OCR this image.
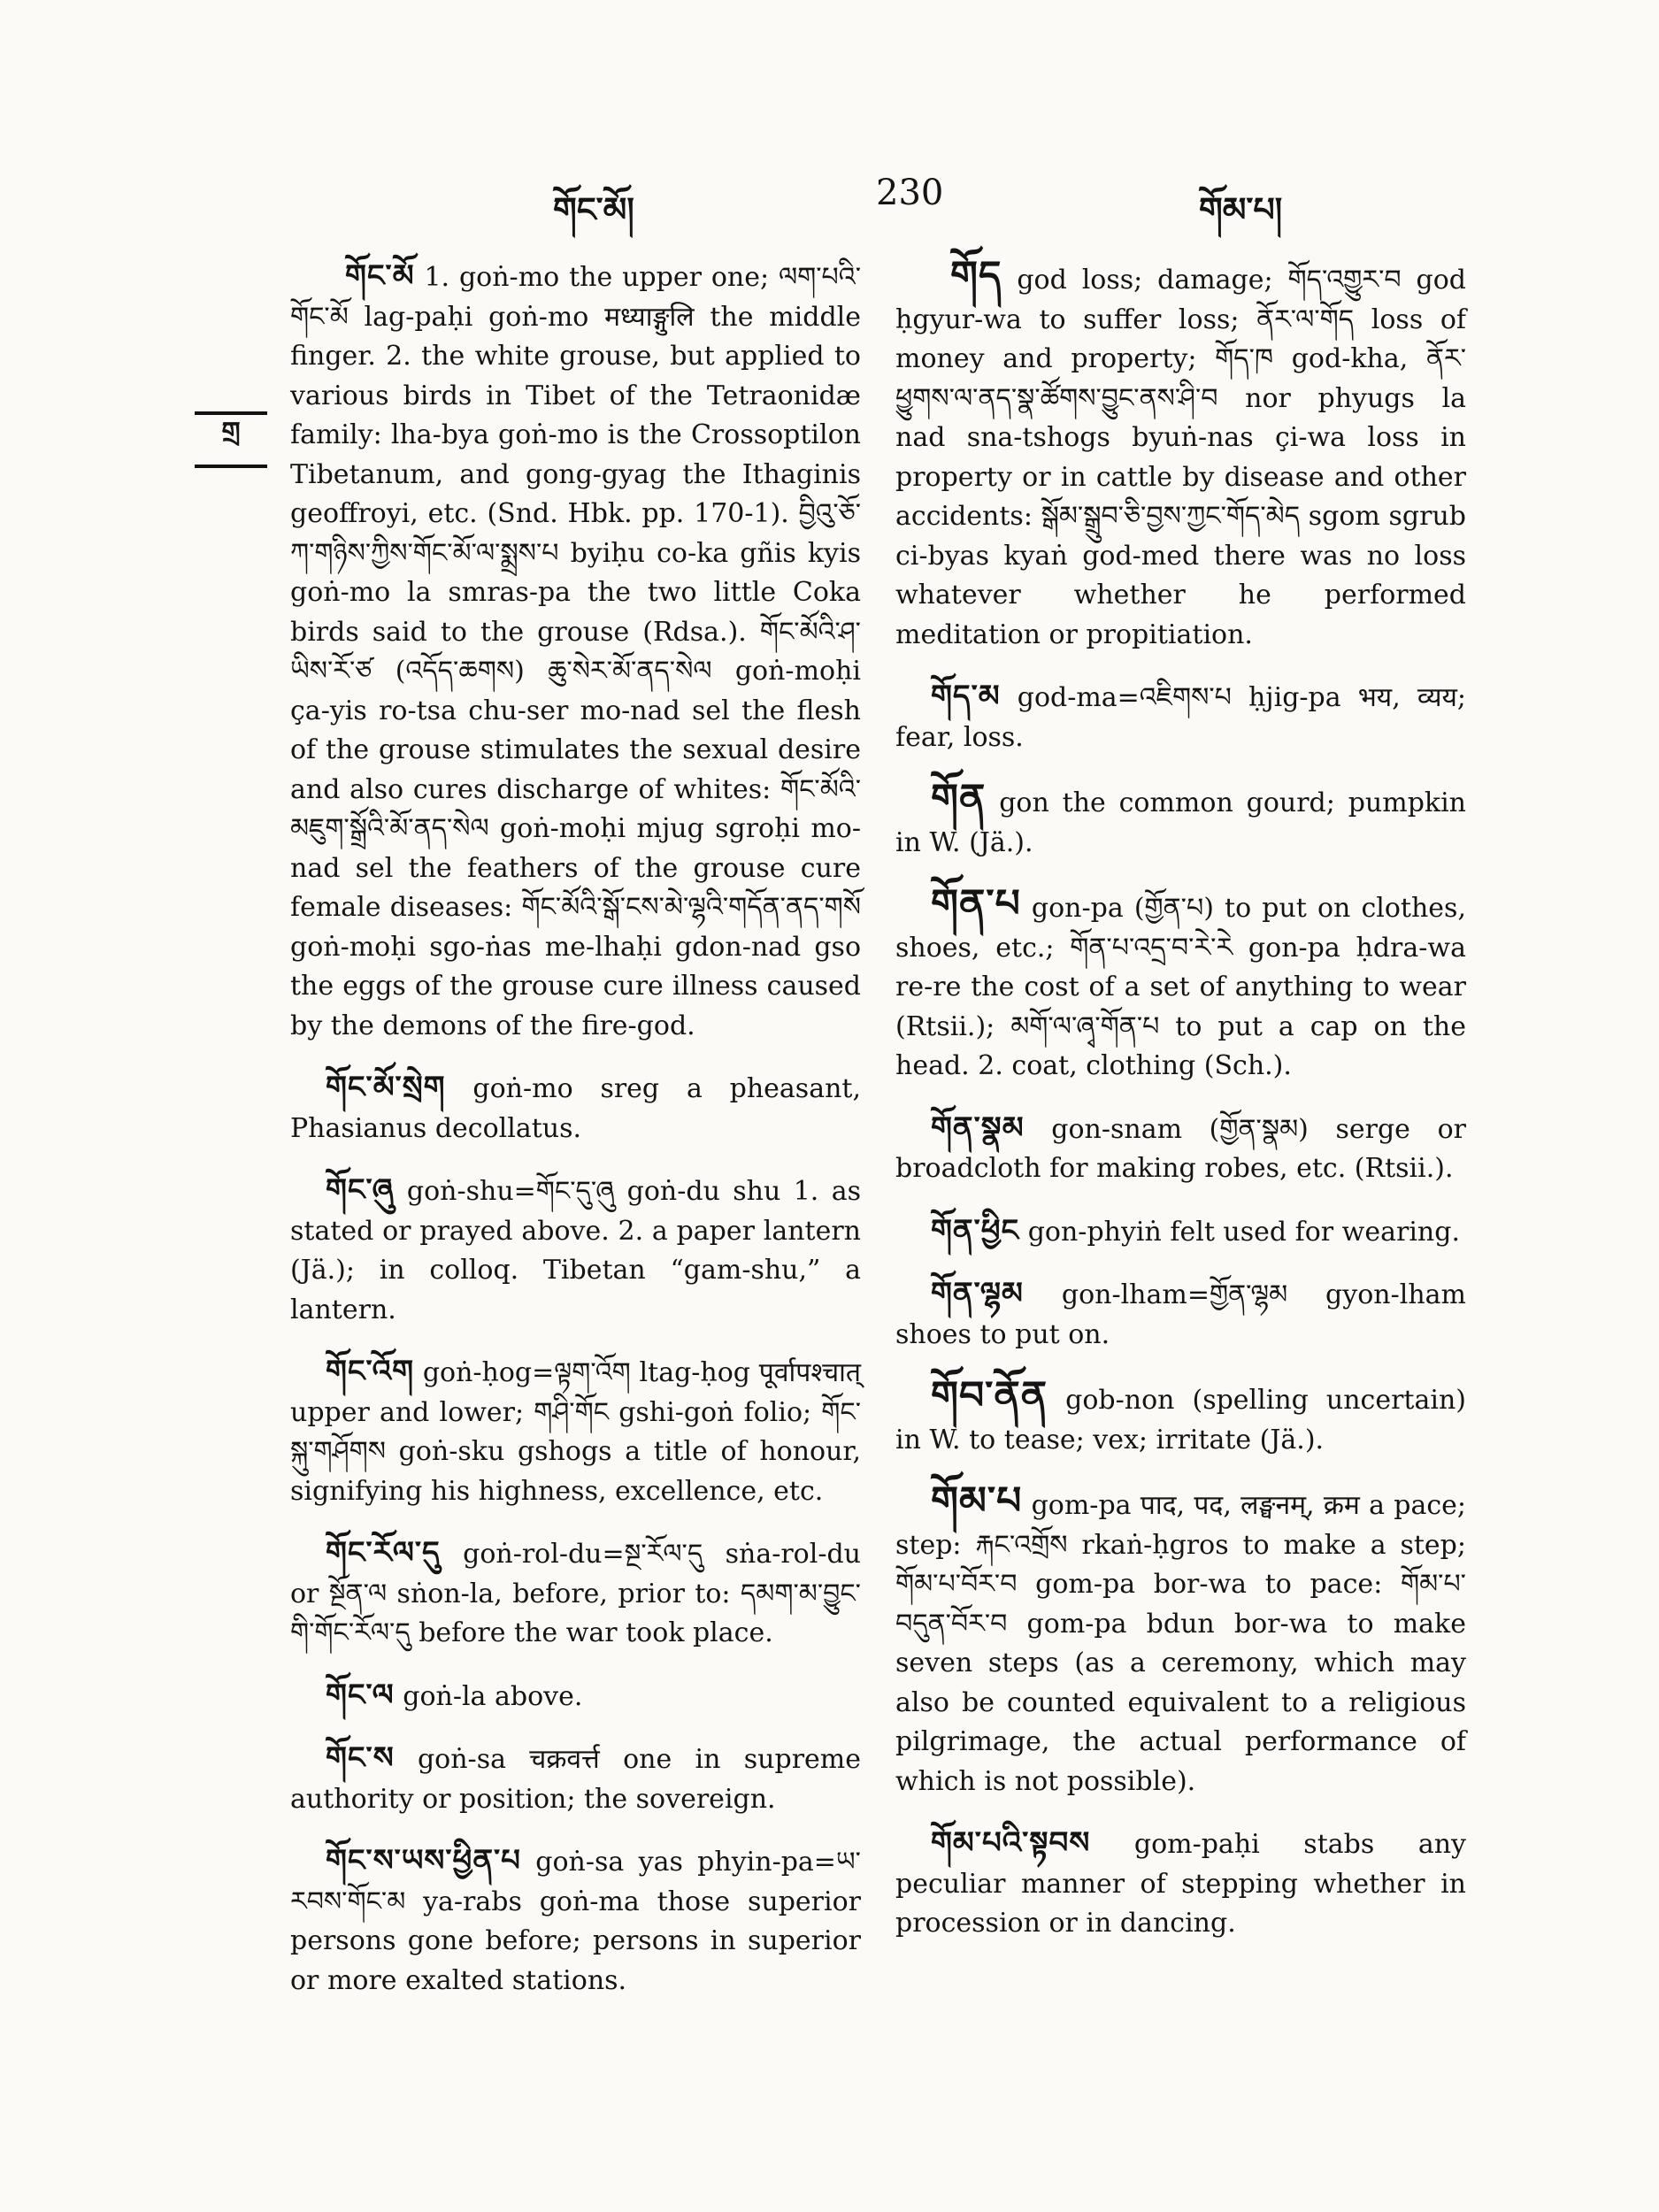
གོང་མོ།	230	གོམ་པ།
གྲ

གོང་མོ 1. goṅ-mo the upper one; ལག་པའི་གོང་མོ lag-paḥi goṅ-mo मध्याङ्गुलि the middle finger. 2. the white grouse, but applied to various birds in Tibet of the Tetraonidæ family: lha-bya goṅ-mo is the Crossoptilon Tibetanum, and gong-gyag the Ithaginis geoffroyi, etc. (Snd. Hbk. pp. 170-1). བྱིའུ་ཅོ་ཀ་གཉིས་ཀྱིས་གོང་མོ་ལ་སྨྲས་པ byiḥu co-ka gñis kyis goṅ-mo la smras-pa the two little Coka birds said to the grouse (Rdsa.). གོང་མོའི་ཤ་ཡིས་རོ་ཙ (འདོད་ཆགས) ཆུ་སེར་མོ་ནད་སེལ goṅ-moḥi ça-yis ro-tsa chu-ser mo-nad sel the flesh of the grouse stimulates the sexual desire and also cures discharge of whites: གོང་མོའི་མཇུག་སྒྲོའི་མོ་ནད་སེལ goṅ-moḥi mjug sgroḥi mo-nad sel the feathers of the grouse cure female diseases: གོང་མོའི་སྒོ་ངས་མེ་ལྷའི་གདོན་ནད་གསོ goṅ-moḥi sgo-ṅas me-lhaḥi gdon-nad gso the eggs of the grouse cure illness caused by the demons of the fire-god.

གོང་མོ་སྲེག goṅ-mo sreg a pheasant, Phasianus decollatus.

གོང་ཞུ goṅ-shu=གོང་དུ་ཞུ goṅ-du shu 1. as stated or prayed above. 2. a paper lantern (Jä.); in colloq. Tibetan “gam-shu,” a lantern.

གོང་འོག goṅ-ḥog=ལྟག་འོག ltag-ḥog पूर्वापश्चात् upper and lower; གཤི་གོང gshi-goṅ folio; གོང་སྐུ་གཤོགས goṅ-sku gshogs a title of honour, signifying his highness, excellence, etc.

གོང་རོལ་དུ goṅ-rol-du=སྔ་རོལ་དུ sṅa-rol-du or སྔོན་ལ sṅon-la, before, prior to: དམག་མ་བྱུང་གི་གོང་རོལ་དུ before the war took place.

གོང་ལ goṅ-la above.

གོང་ས goṅ-sa चक्रवर्त्त one in supreme authority or position; the sovereign.

གོང་ས་ཡས་ཕྱིན་པ goṅ-sa yas phyin-pa=ཡ་རབས་གོང་མ ya-rabs goṅ-ma those superior persons gone before; persons in superior or more exalted stations.

གོད god loss; damage; གོད་འགྱུར་བ god ḥgyur-wa to suffer loss; ནོར་ལ་གོད loss of money and property; གོད་ཁ god-kha, ནོར་ཕྱུགས་ལ་ནད་སྣ་ཚོགས་བྱུང་ནས་ཤི་བ nor phyugs la nad sna-tshogs byuṅ-nas çi-wa loss in property or in cattle by disease and other accidents: སྒོམ་སྒྲུབ་ཅི་བྱས་ཀྱང་གོད་མེད sgom sgrub ci-byas kyaṅ god-med there was no loss whatever whether he performed meditation or propitiation.

གོད་མ god-ma=འཇིགས་པ ḥjig-pa भय, व्यय; fear, loss.

གོན gon the common gourd; pumpkin in W. (Jä.).

གོན་པ gon-pa (གྱོན་པ) to put on clothes, shoes, etc.; གོན་པ་འདྲ་བ་རེ་རེ gon-pa ḥdra-wa re-re the cost of a set of anything to wear (Rtsii.); མགོ་ལ་ཞྭ་གོན་པ to put a cap on the head. 2. coat, clothing (Sch.).

གོན་སྣམ gon-snam (གྱོན་སྣམ) serge or broadcloth for making robes, etc. (Rtsii.).

གོན་ཕྱིང gon-phyiṅ felt used for wearing.

གོན་ལྷམ gon-lham=གྱོན་ལྷམ gyon-lham shoes to put on.

གོབ་ནོན gob-non (spelling uncertain) in W. to tease; vex; irritate (Jä.).

གོམ་པ gom-pa पाद, पद, लङ्घनम्, क्रम a pace; step: རྐང་འགྲོས rkaṅ-ḥgros to make a step; གོམ་པ་བོར་བ gom-pa bor-wa to pace: གོམ་པ་བདུན་བོར་བ gom-pa bdun bor-wa to make seven steps (as a ceremony, which may also be counted equivalent to a religious pilgrimage, the actual performance of which is not possible).

གོམ་པའི་སྟབས gom-paḥi stabs any peculiar manner of stepping whether in procession or in dancing.
